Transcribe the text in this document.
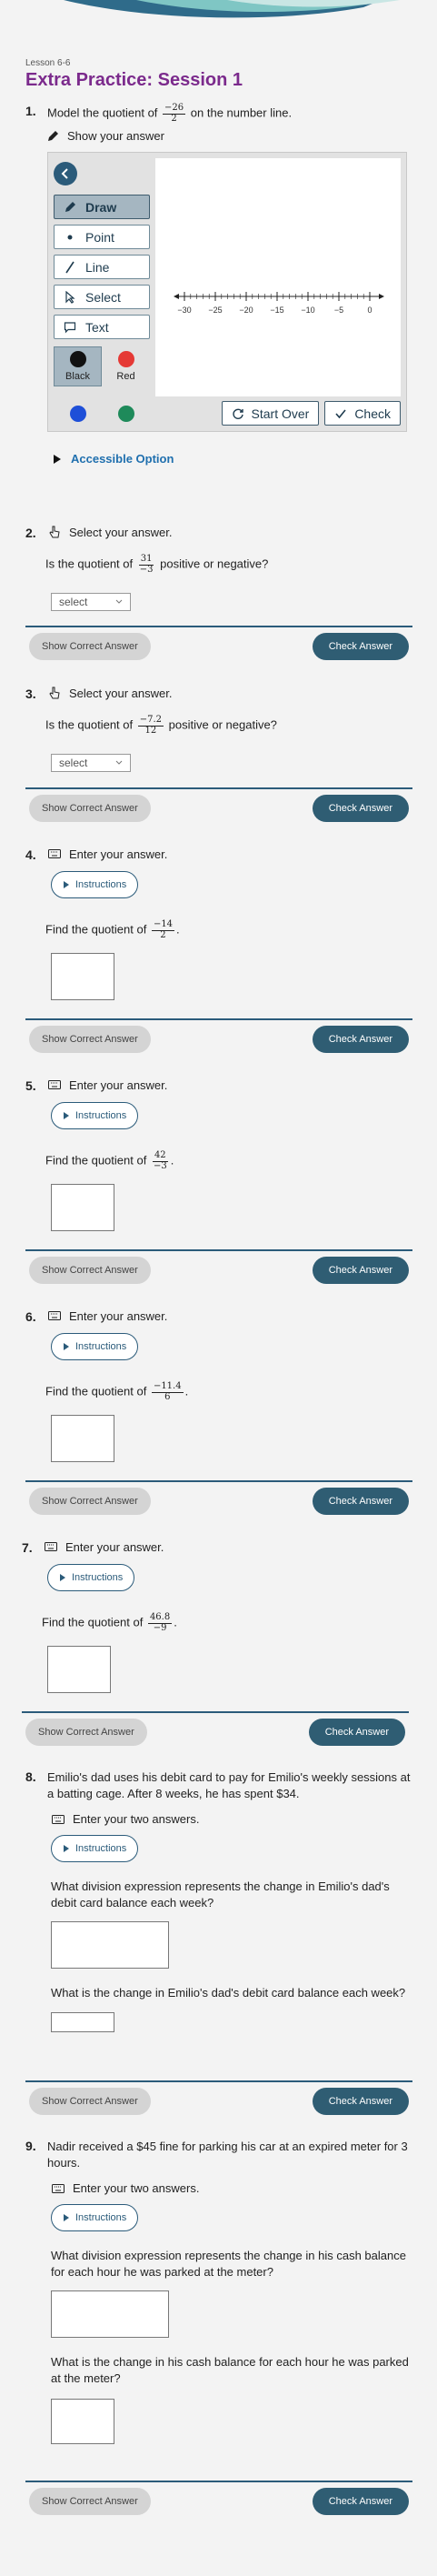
Lesson 6-6
Extra Practice: Session 1
1. Model the quotient of $\frac{-26}{2}$ on the number line.
Show your answer
Draw
Point
Line
Select
Text
Black	Red
−30 −25 −20 −15 −10 −5	0
Start Over	Check
Accessible Option
2.	Select your answer.
Is the quotient of $\frac{31}{-3}$ positive or negative?
select
Show Correct Answer	Check Answer
3.	Select your answer.
Is the quotient of $\frac{-7.2}{12}$ positive or negative?
select
Show Correct Answer	Check Answer
4.	Enter your answer.
Instructions
Find the quotient of $\frac{-14}{2}$ .
Show Correct Answer	Check Answer
5.	Enter your answer.
Instructions
Find the quotient of $\frac{42}{-3}$ .
Show Correct Answer	Check Answer
6.	Enter your answer.
Instructions
Find the quotient of $\frac{-11.4}{6}$ .
Show Correct Answer	Check Answer
7.	Enter your answer.
Instructions
Find the quotient of $\frac{46.8}{-9}$ .
Show Correct Answer	Check Answer
8. Emilio's dad uses his debit card to pay for Emilio's weekly sessions at a batting cage. After 8 weeks, he has spent $34.
Enter your two answers.
Instructions
What division expression represents the change in Emilio's dad's debit card balance each week?
What is the change in Emilio's dad's debit card balance each week?
Show Correct Answer	Check Answer
9. Nadir received a $45 fine for parking his car at an expired meter for 3 hours.
Enter your two answers.
Instructions
What division expression represents the change in his cash balance for each hour he was parked at the meter?
What is the change in his cash balance for each hour he was parked at the meter?
Show Correct Answer	Check Answer
